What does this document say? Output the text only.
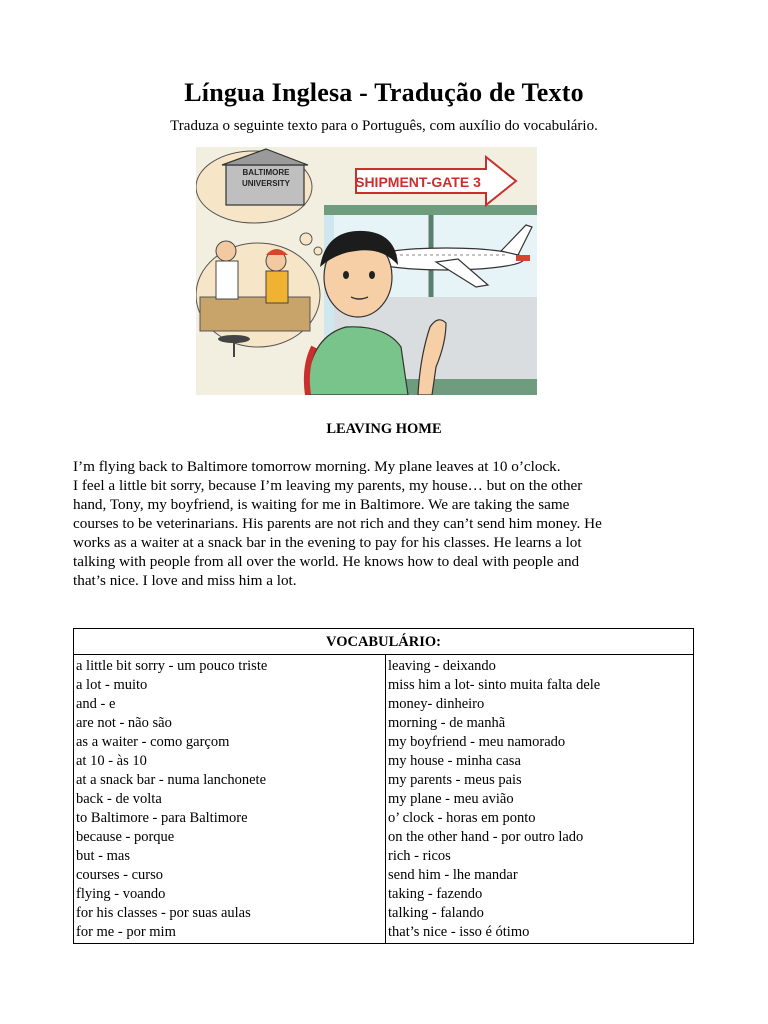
Língua Inglesa - Tradução de Texto
Traduza o seguinte texto para o Português, com auxílio do vocabulário.
BALTIMORE
UNIVERSITY	SHIPMENT-GATE 3
LEAVING HOME

I’m flying back to Baltimore tomorrow morning. My plane leaves at 10 o’clock.

I feel a little bit sorry, because I’m leaving my parents, my house… but on the other

hand, Tony, my boyfriend, is waiting for me in Baltimore. We are taking the same

courses to be veterinarians. His parents are not rich and they can’t send him money. He

works as a waiter at a snack bar in the evening to pay for his classes. He learns a lot

talking with people from all over the world. He knows how to deal with people and

that’s nice. I love and miss him a lot.

VOCABULÁRIO:
a little bit sorry - um pouco triste
a lot - muito
and - e
are not - não são
as a waiter - como garçom
at 10 - às 10
at a snack bar - numa lanchonete
back - de volta
to Baltimore - para Baltimore
because - porque
but - mas
courses - curso
flying - voando
for his classes - por suas aulas
for me - por mim
leaving - deixando
miss him a lot- sinto muita falta dele
money- dinheiro
morning - de manhã
my boyfriend - meu namorado
my house - minha casa
my parents - meus pais
my plane - meu avião
o’ clock - horas em ponto
on the other hand - por outro lado
rich - ricos
send him - lhe mandar
taking - fazendo
talking - falando
that’s nice - isso é ótimo
